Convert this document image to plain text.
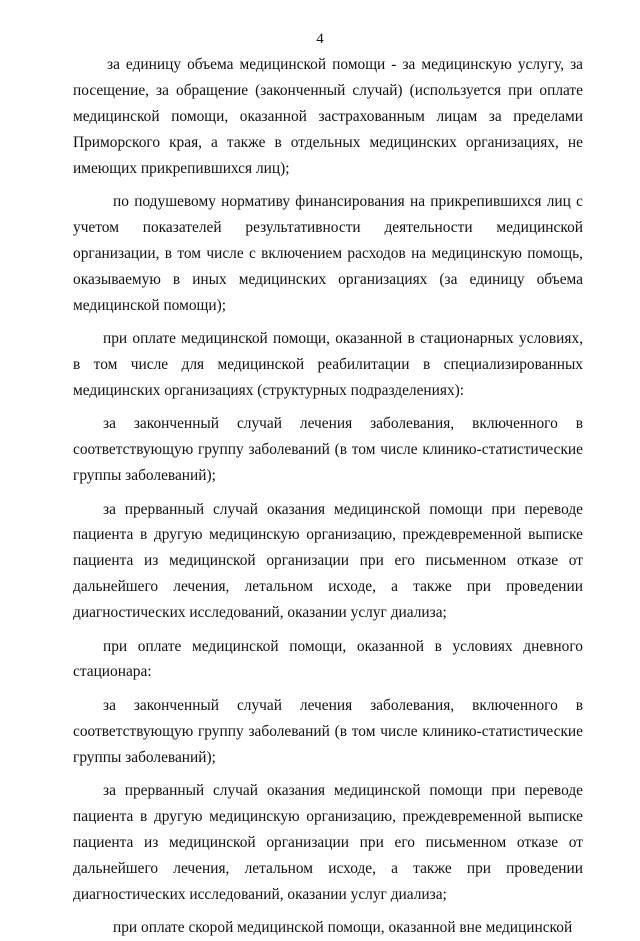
4

за единицу объема медицинской помощи - за медицинскую услугу, за посещение, за обращение (законченный случай) (используется при оплате медицинской помощи, оказанной застрахованным лицам за пределами Приморского края, а также в отдельных медицинских организациях, не имеющих прикрепившихся лиц);

по подушевому нормативу финансирования на прикрепившихся лиц с учетом показателей результативности деятельности медицинской организации, в том числе с включением расходов на медицинскую помощь, оказываемую в иных медицинских организациях (за единицу объема медицинской помощи);

при оплате медицинской помощи, оказанной в стационарных условиях, в том числе для медицинской реабилитации в специализированных медицинских организациях (структурных подразделениях):

за законченный случай лечения заболевания, включенного в соответствующую группу заболеваний (в том числе клинико-статистические группы заболеваний);

за прерванный случай оказания медицинской помощи при переводе пациента в другую медицинскую организацию, преждевременной выписке пациента из медицинской организации при его письменном отказе от дальнейшего лечения, летальном исходе, а также при проведении диагностических исследований, оказании услуг диализа;

при оплате медицинской помощи, оказанной в условиях дневного стационара:

за законченный случай лечения заболевания, включенного в соответствующую группу заболеваний (в том числе клинико-статистические группы заболеваний);

за прерванный случай оказания медицинской помощи при переводе пациента в другую медицинскую организацию, преждевременной выписке пациента из медицинской организации при его письменном отказе от дальнейшего лечения, летальном исходе, а также при проведении диагностических исследований, оказании услуг диализа;

при оплате скорой медицинской помощи, оказанной вне медицинской
